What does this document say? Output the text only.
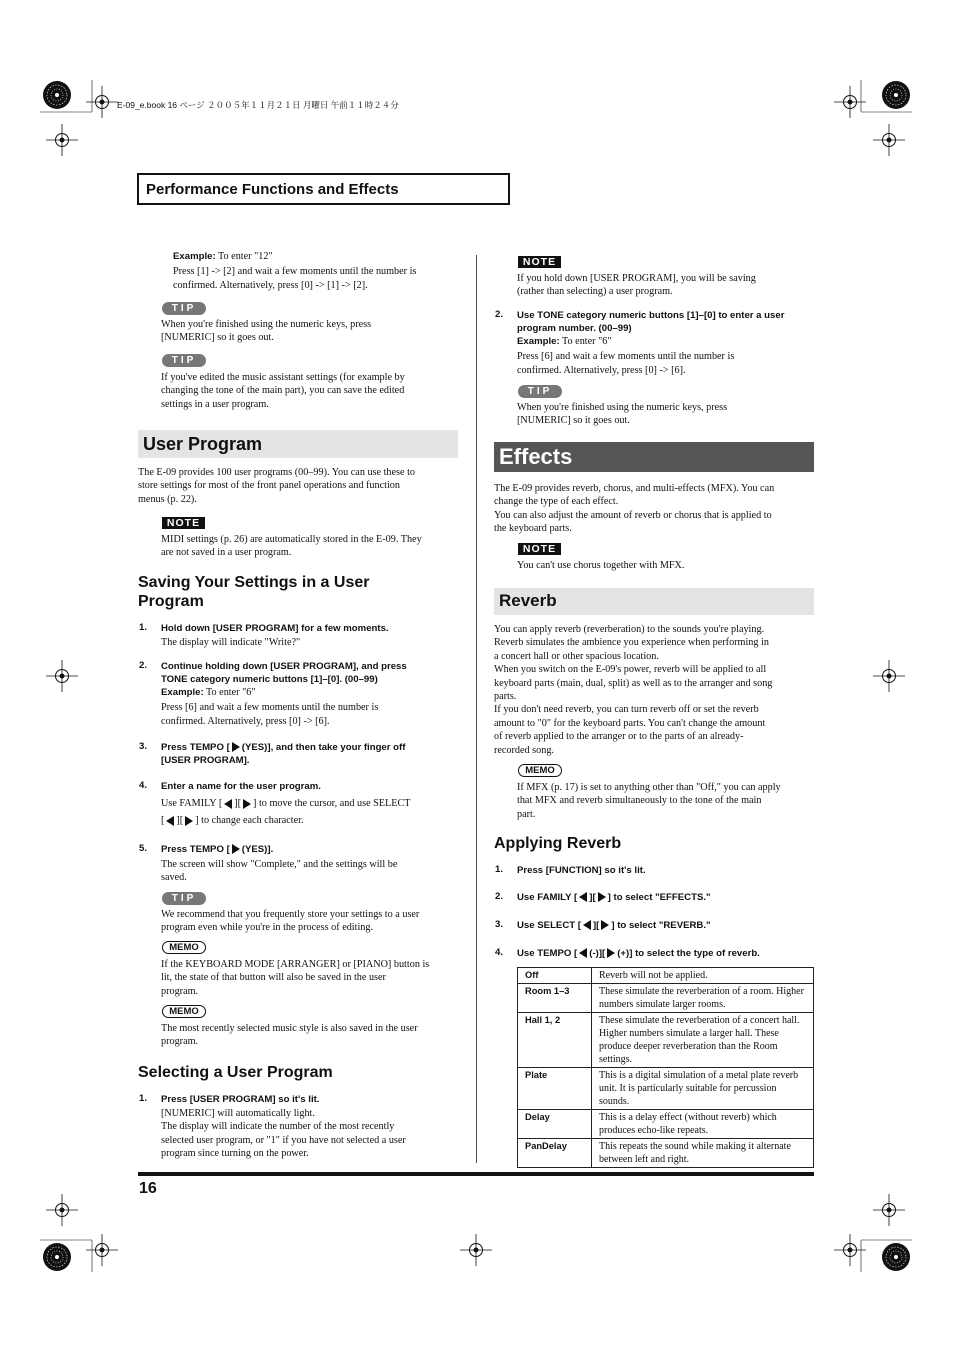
E-09_e.book 16 ページ ２００５年１１月２１日 月曜日 午前１１時２４分
Performance Functions and Effects
Example: To enter "12"
Press [1] -> [2] and wait a few moments until the number is
confirmed. Alternatively, press [0] -> [1] -> [2].
TIP
When you're finished using the numeric keys, press
[NUMERIC] so it goes out.
TIP
If you've edited the music assistant settings (for example by
changing the tone of the main part), you can save the edited
settings in a user program.
User Program
The E-09 provides 100 user programs (00–99). You can use these to
store settings for most of the front panel operations and function
menus (p. 22).
NOTE
MIDI settings (p. 26) are automatically stored in the E-09. They
are not saved in a user program.
Saving Your Settings in a User
Program
1. Hold down [USER PROGRAM] for a few moments.
The display will indicate "Write?"
2. Continue holding down [USER PROGRAM], and press
TONE category numeric buttons [1]–[0]. (00–99)
Example: To enter "6"
Press [6] and wait a few moments until the number is
confirmed. Alternatively, press [0] -> [6].
3. Press TEMPO [ (YES)], and then take your finger off
[USER PROGRAM].
4. Enter a name for the user program.
Use FAMILY [ ][ ] to move the cursor, and use SELECT
[ ][ ] to change each character.
5. Press TEMPO [ (YES)].
The screen will show "Complete," and the settings will be
saved.
TIP
We recommend that you frequently store your settings to a user
program even while you're in the process of editing.
MEMO
If the KEYBOARD MODE [ARRANGER] or [PIANO] button is
lit, the state of that button will also be saved in the user
program.
MEMO
The most recently selected music style is also saved in the user
program.
Selecting a User Program
1. Press [USER PROGRAM] so it's lit.
[NUMERIC] will automatically light.
The display will indicate the number of the most recently
selected user program, or "1" if you have not selected a user
program since turning on the power.
NOTE
If you hold down [USER PROGRAM], you will be saving
(rather than selecting) a user program.
2. Use TONE category numeric buttons [1]–[0] to enter a user
program number. (00–99)
Example: To enter "6"
Press [6] and wait a few moments until the number is
confirmed. Alternatively, press [0] -> [6].
TIP
When you're finished using the numeric keys, press
[NUMERIC] so it goes out.
Effects
The E-09 provides reverb, chorus, and multi-effects (MFX). You can
change the type of each effect.
You can also adjust the amount of reverb or chorus that is applied to
the keyboard parts.
NOTE
You can't use chorus together with MFX.
Reverb
You can apply reverb (reverberation) to the sounds you're playing.
Reverb simulates the ambience you experience when performing in
a concert hall or other spacious location.
When you switch on the E-09's power, reverb will be applied to all
keyboard parts (main, dual, split) as well as to the arranger and song
parts.
If you don't need reverb, you can turn reverb off or set the reverb
amount to "0" for the keyboard parts. You can't change the amount
of reverb applied to the arranger or to the parts of an already-
recorded song.
MEMO
If MFX (p. 17) is set to anything other than "Off," you can apply
that MFX and reverb simultaneously to the tone of the main
part.
Applying Reverb
1. Press [FUNCTION] so it's lit.
2. Use FAMILY [ ][ ] to select "EFFECTS."
3. Use SELECT [ ][ ] to select "REVERB."
4. Use TEMPO [ (-)][ (+)] to select the type of reverb.
Off	Reverb will not be applied.
Room 1–3	These simulate the reverberation of a room. Higher numbers simulate larger rooms.
Hall 1, 2	These simulate the reverberation of a concert hall. Higher numbers simulate a larger hall. These produce deeper reverberation than the Room settings.
Plate	This is a digital simulation of a metal plate reverb unit. It is particularly suitable for percussion sounds.
Delay	This is a delay effect (without reverb) which produces echo-like repeats.
PanDelay	This repeats the sound while making it alternate between left and right.
16
